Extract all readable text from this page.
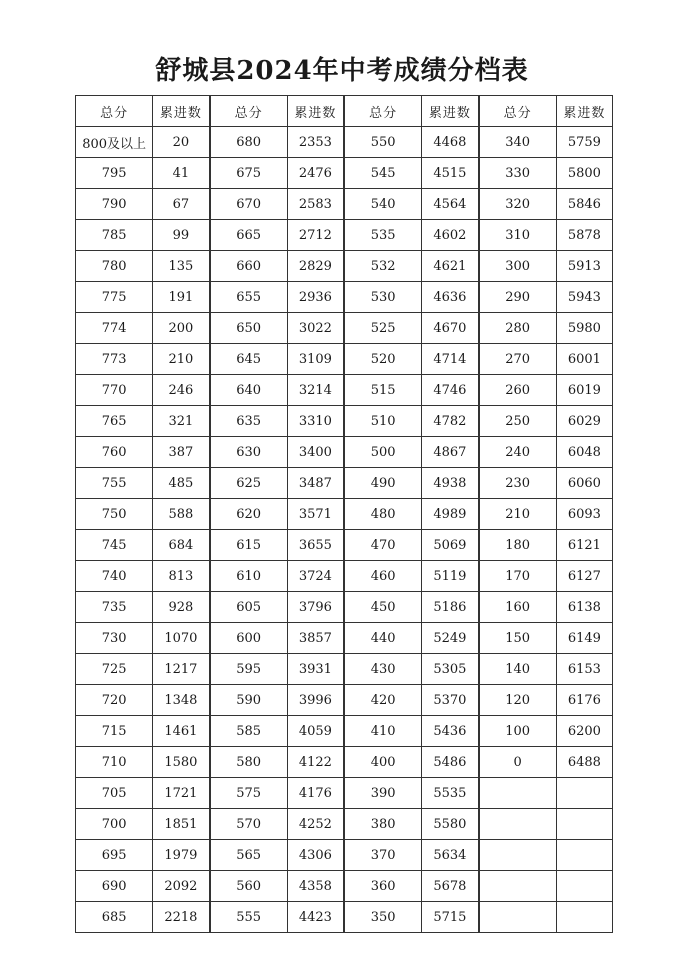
舒城县2024年中考成绩分档表
总分	累进数
800及以上	20
795	41
790	67
785	99
780	135
775	191
774	200
773	210
770	246
765	321
760	387
755	485
750	588
745	684
740	813
735	928
730	1070
725	1217
720	1348
715	1461
710	1580
705	1721
700	1851
695	1979
690	2092
685	2218
总分	累进数
680	2353
675	2476
670	2583
665	2712
660	2829
655	2936
650	3022
645	3109
640	3214
635	3310
630	3400
625	3487
620	3571
615	3655
610	3724
605	3796
600	3857
595	3931
590	3996
585	4059
580	4122
575	4176
570	4252
565	4306
560	4358
555	4423
总分	累进数
550	4468
545	4515
540	4564
535	4602
532	4621
530	4636
525	4670
520	4714
515	4746
510	4782
500	4867
490	4938
480	4989
470	5069
460	5119
450	5186
440	5249
430	5305
420	5370
410	5436
400	5486
390	5535
380	5580
370	5634
360	5678
350	5715
总分	累进数
340	5759
330	5800
320	5846
310	5878
300	5913
290	5943
280	5980
270	6001
260	6019
250	6029
240	6048
230	6060
210	6093
180	6121
170	6127
160	6138
150	6149
140	6153
120	6176
100	6200
0	6488
